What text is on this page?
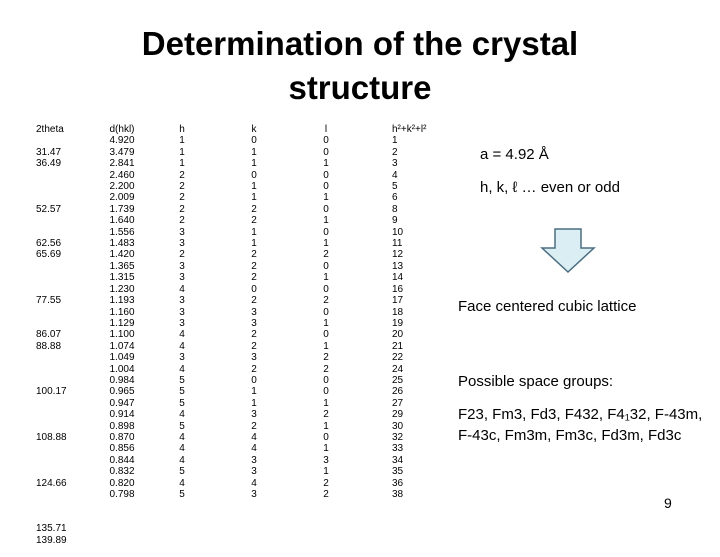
Determination of the crystal structure
2theta

31.47
36.49

52.57

62.56
65.69

77.55

86.07
88.88

100.17

108.88

124.66

135.71
139.89

d(hkl)
4.920
3.479
2.841
2.460
2.200
2.009
1.739
1.640
1.556
1.483
1.420
1.365
1.315
1.230
1.193
1.160
1.129
1.100
1.074
1.049
1.004
0.984
0.965
0.947
0.914
0.898
0.870
0.856
0.844
0.832
0.820
0.798
h
1
1
1
2
2
2
2
2
3
3
2
3
3
4
3
3
3
4
4
3
4
5
5
5
4
5
4
4
4
5
4
5
k
0
1
1
0
1
1
2
2
1
1
2
2
2
0
2
3
3
2
2
3
2
0
1
1
3
2
4
4
3
3
4
3
l
0
0
1
0
0
1
0
1
0
1
2
0
1
0
2
0
1
0
1
2
2
0
0
1
2
1
0
1
3
1
2
2
h²+k²+l²
1
2
3
4
5
6
8
9
10
11
12
13
14
16
17
18
19
20
21
22
24
25
26
27
29
30
32
33
34
35
36
38
a = 4.92 Å
h, k, ℓ … even or odd
Face centered cubic lattice
Possible space groups:
F23, Fm3, Fd3, F432, F4₁32, F-43m, F-43c, Fm3m, Fm3c, Fd3m, Fd3c
9
